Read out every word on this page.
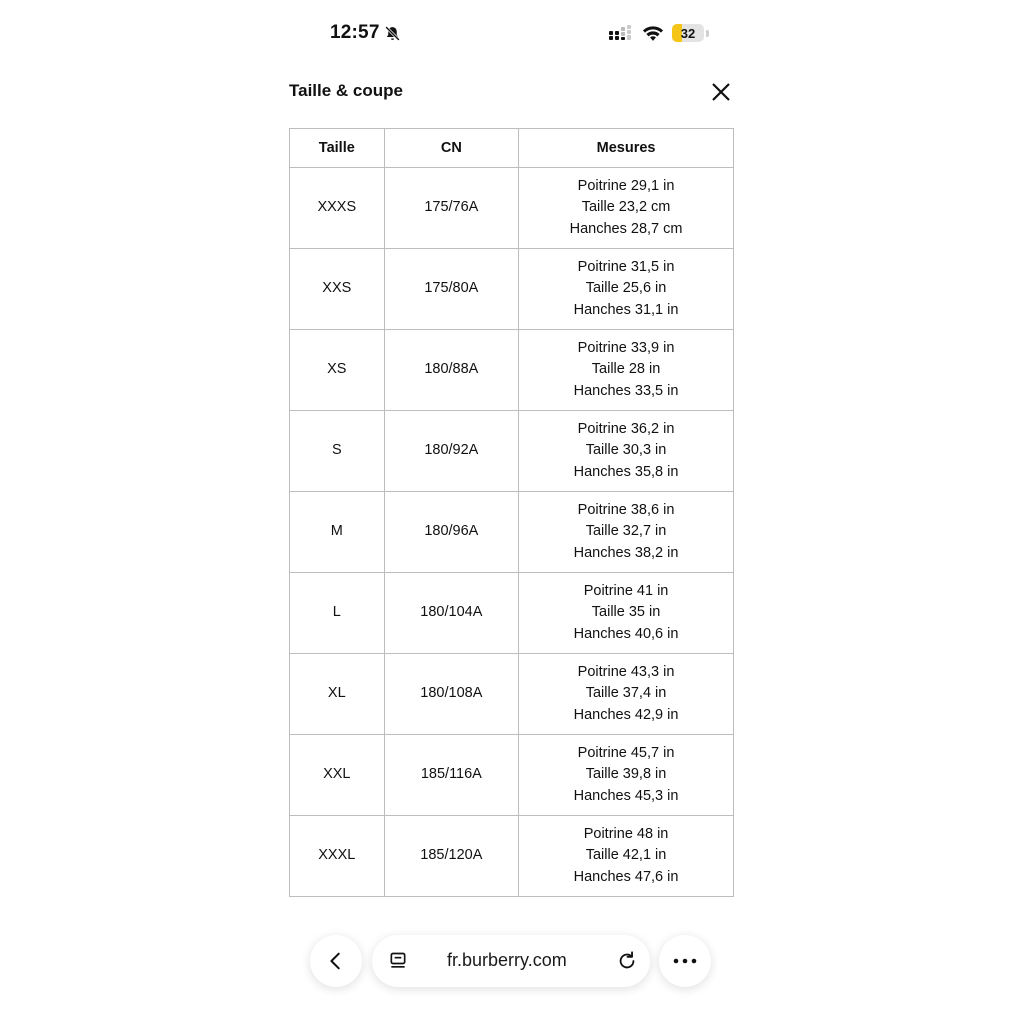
12:57	32
Taille & coupe
Taille	CN	Mesures
XXXS	175/76A	Poitrine 29,1 in
Taille 23,2 cm
Hanches 28,7 cm

XXS	175/80A	Poitrine 31,5 in
Taille 25,6 in
Hanches 31,1 in

XS	180/88A	Poitrine 33,9 in
Taille 28 in
Hanches 33,5 in

S	180/92A	Poitrine 36,2 in
Taille 30,3 in
Hanches 35,8 in

M	180/96A	Poitrine 38,6 in
Taille 32,7 in
Hanches 38,2 in

L	180/104A	Poitrine 41 in
Taille 35 in
Hanches 40,6 in

XL	180/108A	Poitrine 43,3 in
Taille 37,4 in
Hanches 42,9 in

XXL	185/116A	Poitrine 45,7 in
Taille 39,8 in
Hanches 45,3 in

XXXL	185/120A	Poitrine 48 in
Taille 42,1 in
Hanches 47,6 in
fr.burberry.com
